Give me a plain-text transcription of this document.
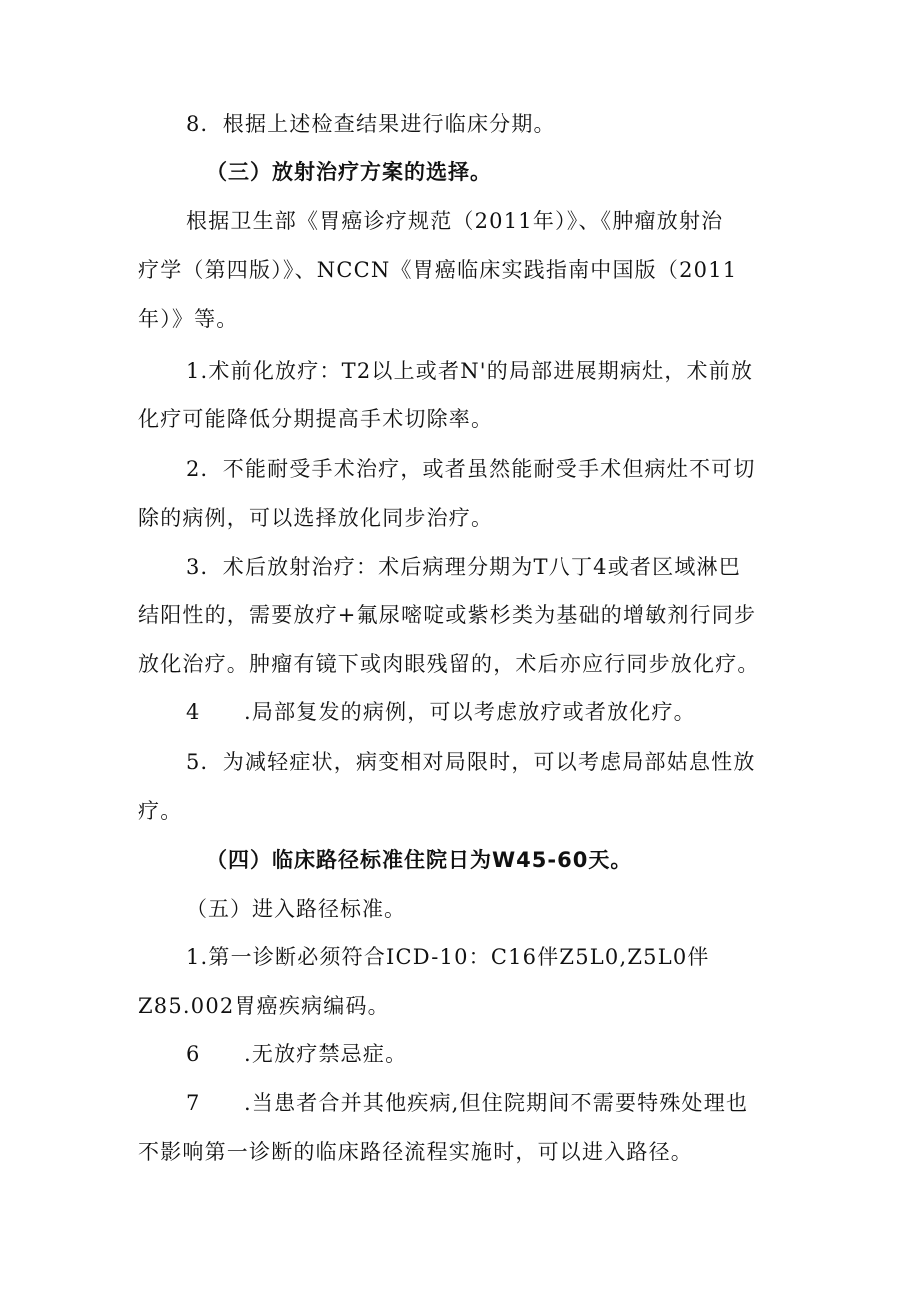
8．根据上述检查结果进行临床分期。
（三）放射治疗方案的选择。
根据卫生部《胃癌诊疗规范（2011年）》、《肿瘤放射治
疗学（第四版）》、NCCN《胃癌临床实践指南中国版（2011
年）》等。
1.术前化放疗：T2以上或者N'的局部进展期病灶，术前放
化疗可能降低分期提高手术切除率。
2．不能耐受手术治疗，或者虽然能耐受手术但病灶不可切
除的病例，可以选择放化同步治疗。
3．术后放射治疗：术后病理分期为T八丁4或者区域淋巴
结阳性的，需要放疗+氟尿嘧啶或紫杉类为基础的增敏剂行同步
放化治疗。肿瘤有镜下或肉眼残留的，术后亦应行同步放化疗。
4 .局部复发的病例，可以考虑放疗或者放化疗。
5．为减轻症状，病变相对局限时，可以考虑局部姑息性放
疗。
（四）临床路径标准住院日为W45-60天。
（五）进入路径标准。
1.第一诊断必须符合ICD-10：C16伴Z5L0,Z5L0伴
Z85.002胃癌疾病编码。
6 .无放疗禁忌症。
7 .当患者合并其他疾病,但住院期间不需要特殊处理也
不影响第一诊断的临床路径流程实施时，可以进入路径。
